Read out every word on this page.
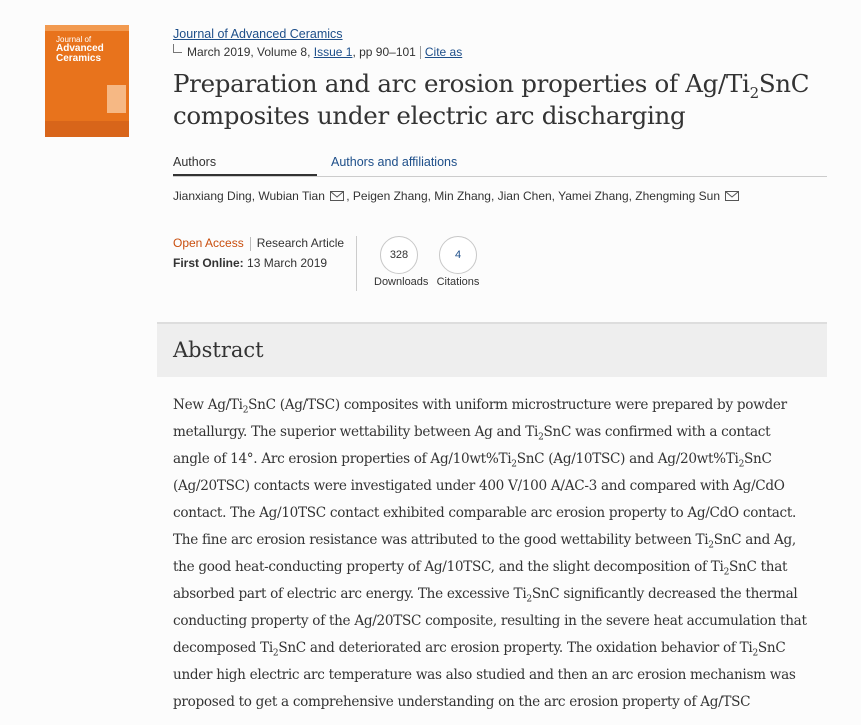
Journal of
Advanced
Ceramics
Journal of Advanced Ceramics
March 2019, Volume 8, Issue 1, pp 90–101 Cite as
Preparation and arc erosion properties of $Ag/Ti_2SnC$
composites under electric arc discharging
Authors	Authors and affiliations
Jianxiang Ding, Wubian Tian , Peigen Zhang, Min Zhang, Jian Chen, Yamei Zhang, Zhengming Sun
Open Access Research Article
First Online: 13 March 2019
328
Downloads
4
Citations
Abstract
New $Ag/Ti_2SnC$ (Ag/TSC) composites with uniform microstructure were prepared by powder
metallurgy. The superior wettability between Ag and $Ti_2SnC$ was confirmed with a contact
angle of 14°. Arc erosion properties of $Ag/10wt\%Ti_2SnC$ (Ag/10TSC) and $Ag/20wt\%Ti_2SnC$
(Ag/20TSC) contacts were investigated under 400 V/100 A/AC-3 and compared with Ag/CdO
contact. The Ag/10TSC contact exhibited comparable arc erosion property to Ag/CdO contact.
The fine arc erosion resistance was attributed to the good wettability between $Ti_2SnC$ and Ag,
the good heat-conducting property of Ag/10TSC, and the slight decomposition of $Ti_2SnC$ that
absorbed part of electric arc energy. The excessive $Ti_2SnC$ significantly decreased the thermal
conducting property of the Ag/20TSC composite, resulting in the severe heat accumulation that
decomposed $Ti_2SnC$ and deteriorated arc erosion property. The oxidation behavior of $Ti_2SnC$
under high electric arc temperature was also studied and then an arc erosion mechanism was
proposed to get a comprehensive understanding on the arc erosion property of Ag/TSC
